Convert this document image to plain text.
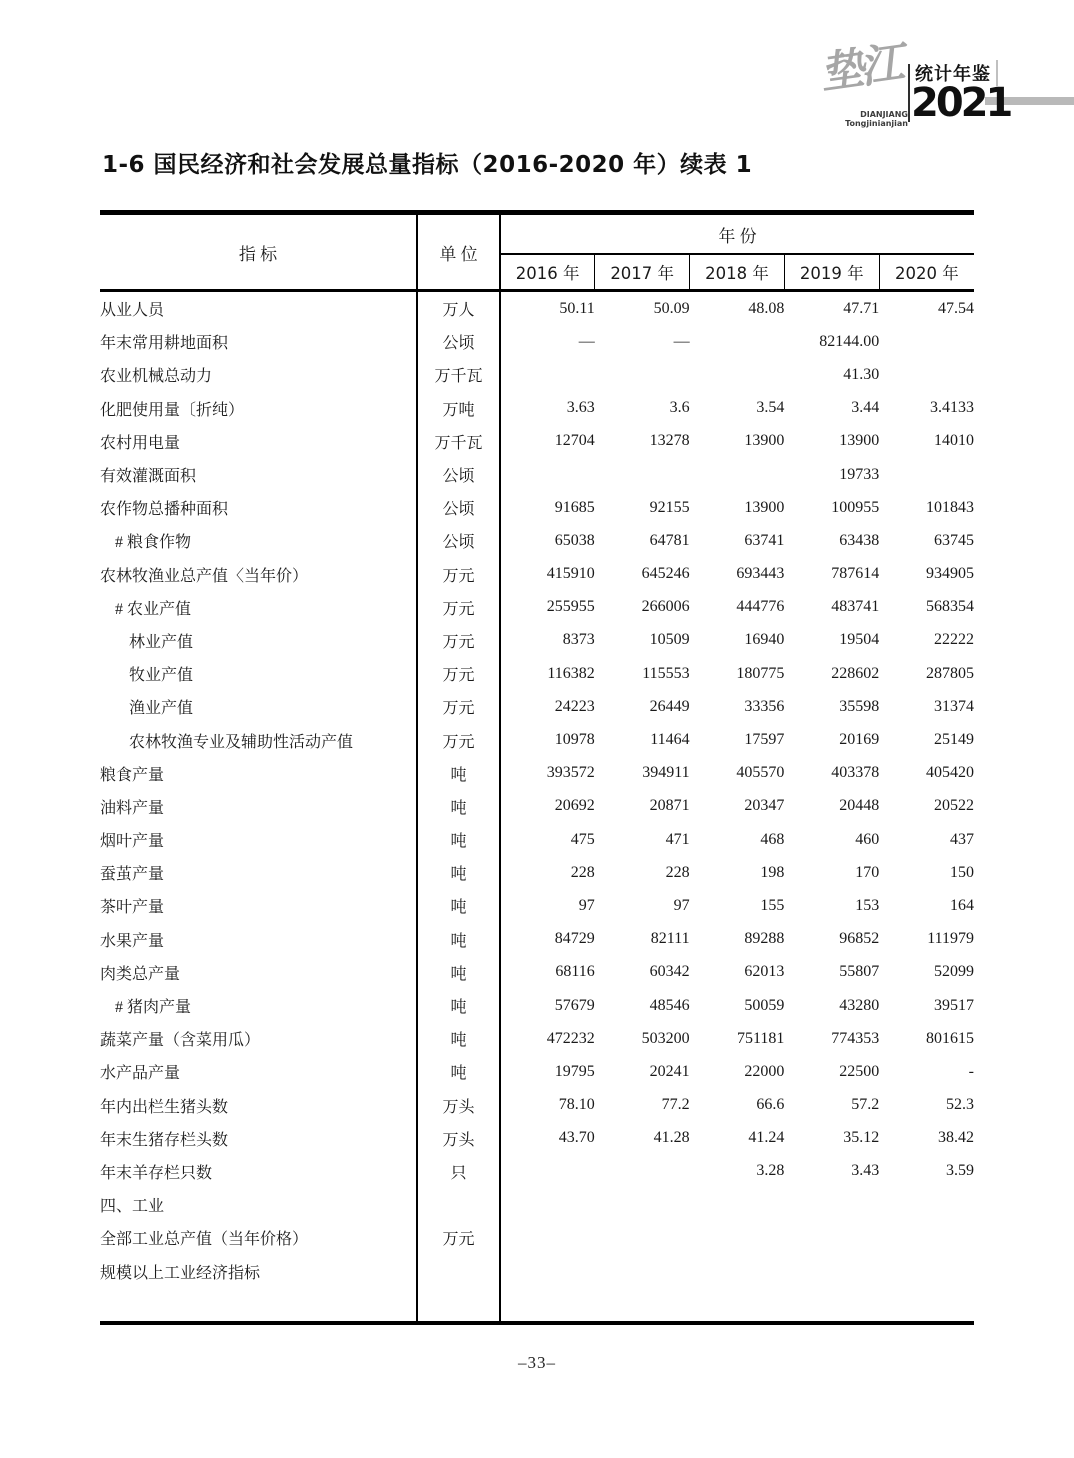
垫江
DIANJIANG
Tongjinianjian
统计年鉴
2021
1-6 国民经济和社会发展总量指标（2016-2020 年）续表 1
指 标	单 位	年 份				
		2016 年	2017 年	2018 年	2019 年	2020 年
从业人员	万人	50.11	50.09	48.08	47.71	47.54
年末常用耕地面积	公顷	—	—		82144.00	
农业机械总动力	万千瓦				41.30	
化肥使用量〔折纯）	万吨	3.63	3.6	3.54	3.44	3.4133
农村用电量	万千瓦	12704	13278	13900	13900	14010
有效灌溉面积	公顷				19733	
农作物总播种面积	公顷	91685	92155	13900	100955	101843
# 粮食作物	公顷	65038	64781	63741	63438	63745
农林牧渔业总产值〈当年价）	万元	415910	645246	693443	787614	934905
# 农业产值	万元	255955	266006	444776	483741	568354
林业产值	万元	8373	10509	16940	19504	22222
牧业产值	万元	116382	115553	180775	228602	287805
渔业产值	万元	24223	26449	33356	35598	31374
农林牧渔专业及辅助性活动产值	万元	10978	11464	17597	20169	25149
粮食产量	吨	393572	394911	405570	403378	405420
油料产量	吨	20692	20871	20347	20448	20522
烟叶产量	吨	475	471	468	460	437
蚕茧产量	吨	228	228	198	170	150
茶叶产量	吨	97	97	155	153	164
水果产量	吨	84729	82111	89288	96852	111979
肉类总产量	吨	68116	60342	62013	55807	52099
# 猪肉产量	吨	57679	48546	50059	43280	39517
蔬菜产量（含菜用瓜）	吨	472232	503200	751181	774353	801615
水产品产量	吨	19795	20241	22000	22500	-
年内出栏生猪头数	万头	78.10	77.2	66.6	57.2	52.3
年末生猪存栏头数	万头	43.70	41.28	41.24	35.12	38.42
年末羊存栏只数	只			3.28	3.43	3.59
四、工业						
全部工业总产值（当年价格）	万元					
规模以上工业经济指标						

–33–
